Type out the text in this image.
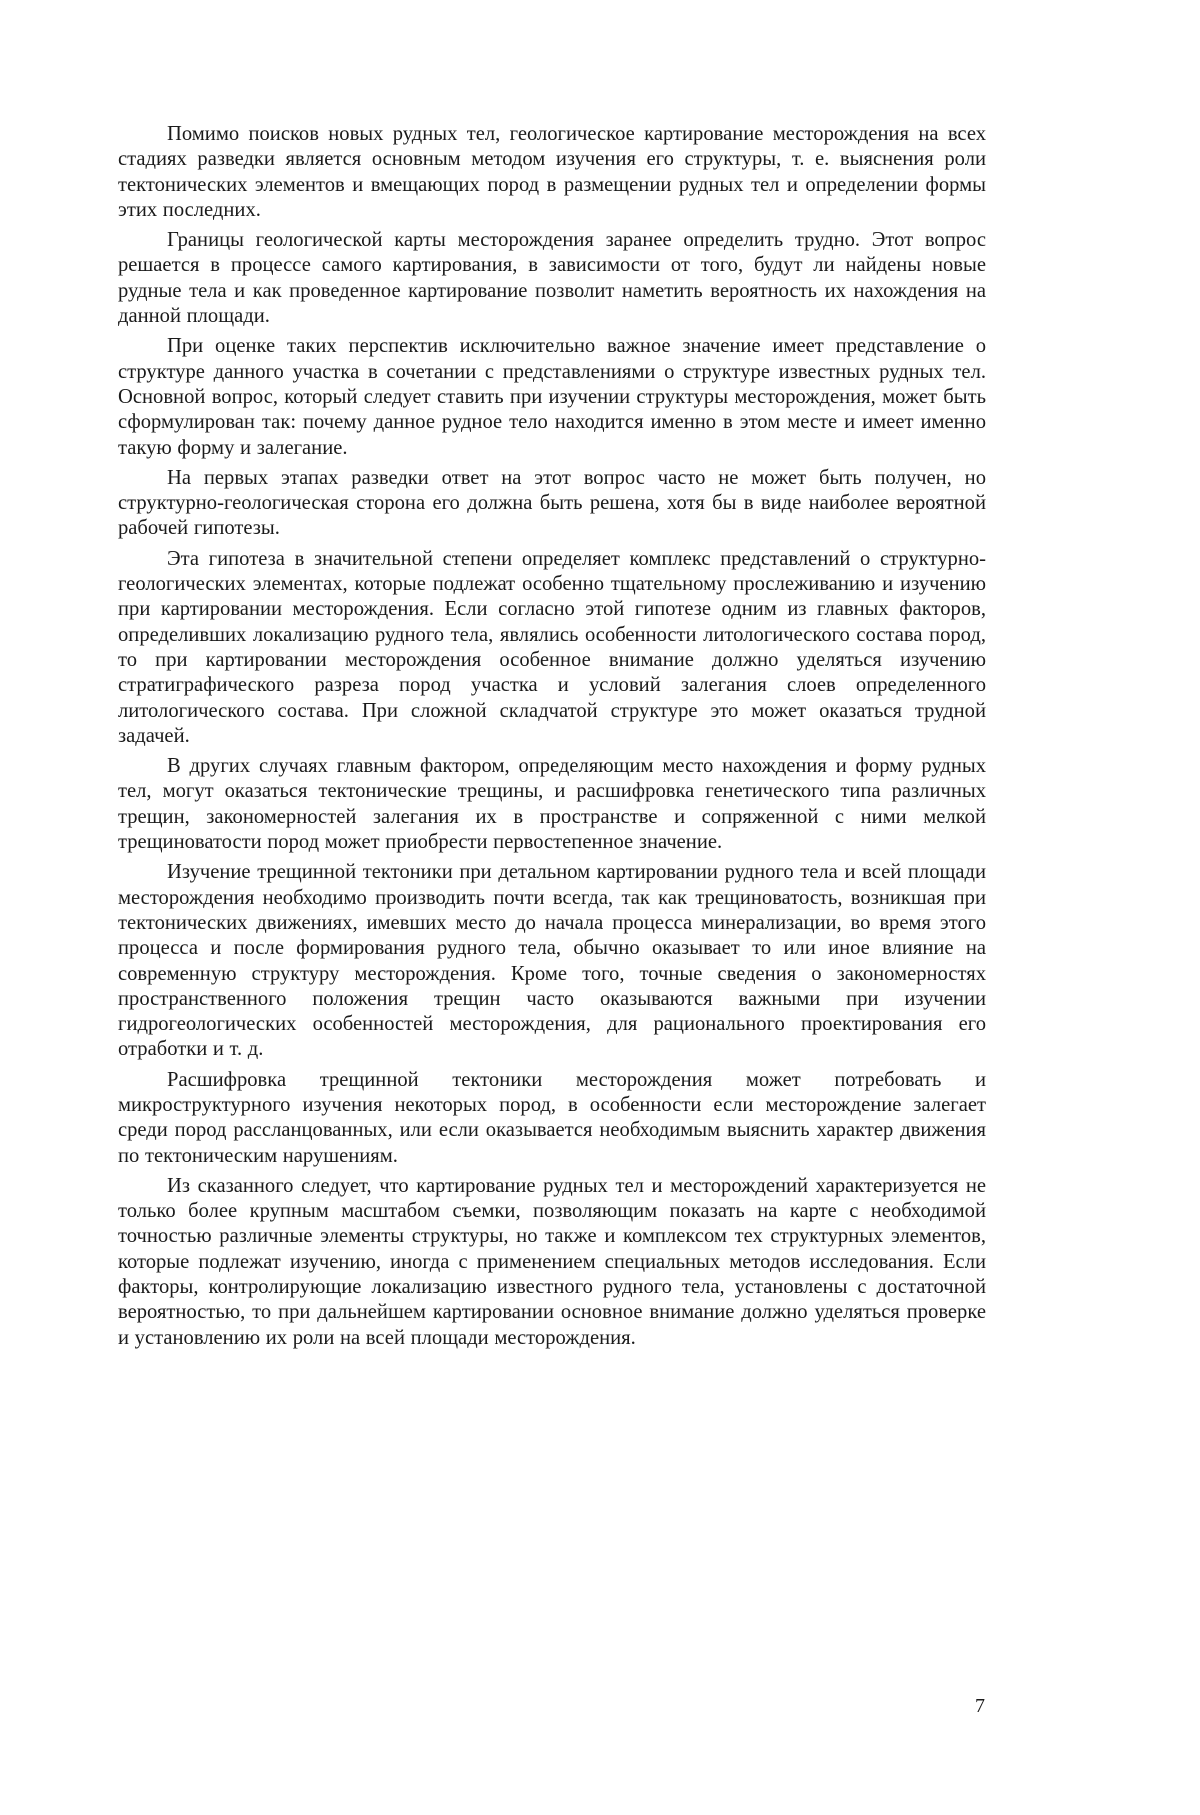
Помимо поисков новых рудных тел, геологическое картирование месторождения на всех стадиях разведки является основным методом изучения его структуры, т. е. выяснения роли тектонических элементов и вмещающих пород в размещении рудных тел и определении формы этих последних.

Границы геологической карты месторождения заранее определить трудно. Этот вопрос решается в процессе самого картирования, в зависимости от того, будут ли найдены новые рудные тела и как проведенное картирование позволит наметить вероятность их нахождения на данной площади.

При оценке таких перспектив исключительно важное значение имеет представление о структуре данного участка в сочетании с представлениями о структуре известных рудных тел. Основной вопрос, который следует ставить при изучении структуры месторождения, может быть сформулирован так: почему данное рудное тело находится именно в этом месте и имеет именно такую форму и залегание.

На первых этапах разведки ответ на этот вопрос часто не может быть получен, но структурно-геологическая сторона его должна быть решена, хотя бы в виде наиболее вероятной рабочей гипотезы.

Эта гипотеза в значительной степени определяет комплекс представлений о структурно-геологических элементах, которые подлежат особенно тщательному прослеживанию и изучению при картировании месторождения. Если согласно этой гипотезе одним из главных факторов, определивших локализацию рудного тела, являлись особенности литологического состава пород, то при картировании месторождения особенное внимание должно уделяться изучению стратиграфического разреза пород участка и условий залегания слоев определенного литологического состава. При сложной складчатой структуре это может оказаться трудной задачей.

В других случаях главным фактором, определяющим место нахождения и форму рудных тел, могут оказаться тектонические трещины, и расшифровка генетического типа различных трещин, закономерностей залегания их в пространстве и сопряженной с ними мелкой трещиноватости пород может приобрести первостепенное значение.

Изучение трещинной тектоники при детальном картировании рудного тела и всей площади месторождения необходимо производить почти всегда, так как трещиноватость, возникшая при тектонических движениях, имевших место до начала процесса минерализации, во время этого процесса и после формирования рудного тела, обычно оказывает то или иное влияние на современную структуру месторождения. Кроме того, точные сведения о закономерностях пространственного положения трещин часто оказываются важными при изучении гидрогеологических особенностей месторождения, для рационального проектирования его отработки и т. д.

Расшифровка трещинной тектоники месторождения может потребовать и микроструктурного изучения некоторых пород, в особенности если месторождение залегает среди пород рассланцованных, или если оказывается необходимым выяснить характер движения по тектоническим нарушениям.

Из сказанного следует, что картирование рудных тел и месторождений характеризуется не только более крупным масштабом съемки, позволяющим показать на карте с необходимой точностью различные элементы структуры, но также и комплексом тех структурных элементов, которые подлежат изучению, иногда с применением специальных методов исследования. Если факторы, контролирующие локализацию известного рудного тела, установлены с достаточной вероятностью, то при дальнейшем картировании основное внимание должно уделяться проверке и установлению их роли на всей площади месторождения.

7
